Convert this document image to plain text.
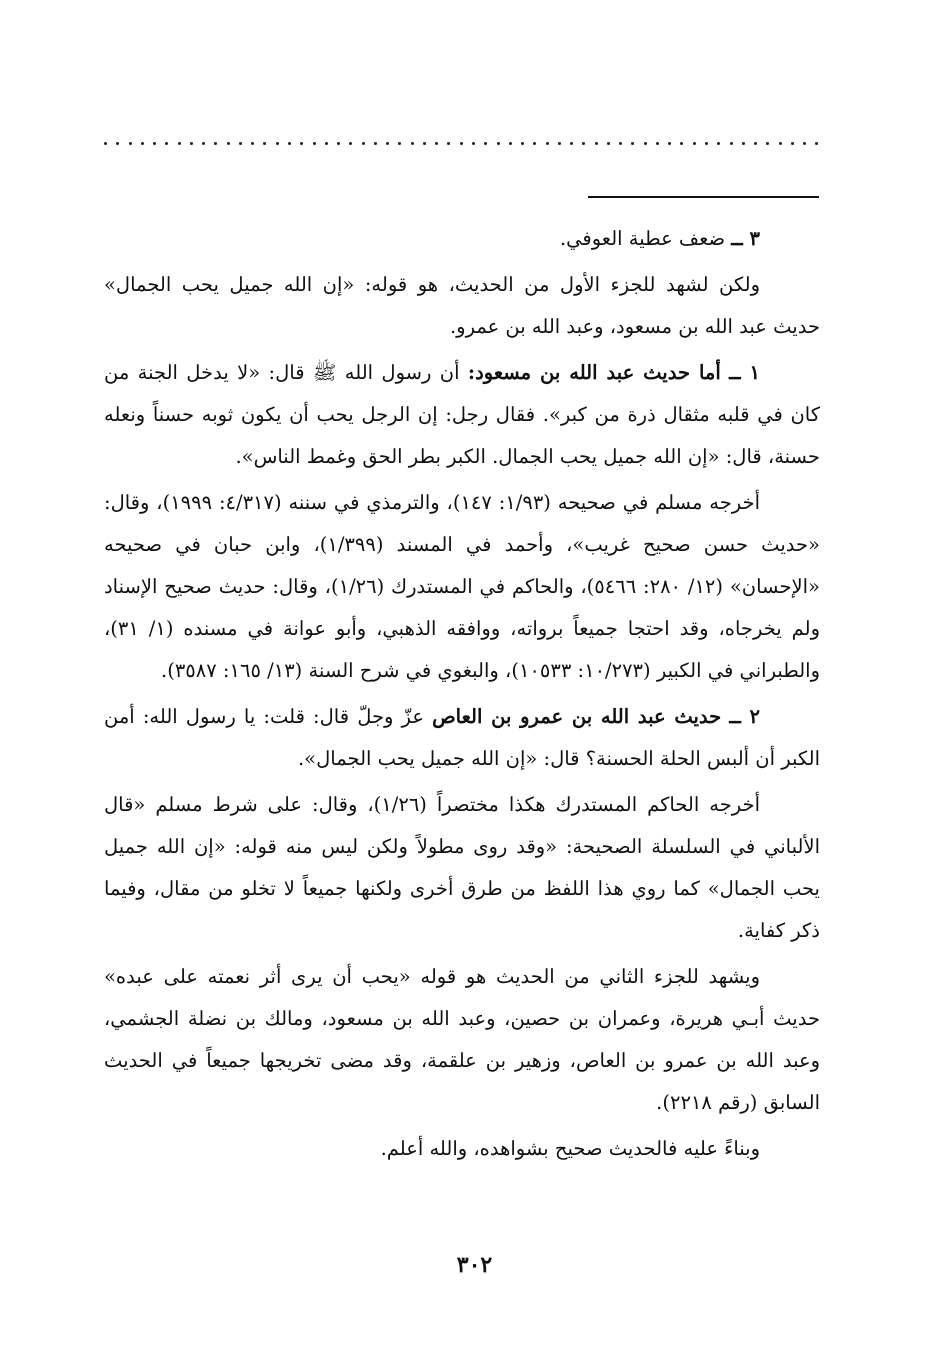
٣ ــ ضعف عطية العوفي.

ولكن لشهد للجزء الأول من الحديث، هو قوله: «إن الله جميل يحب الجمال» حديث عبد الله بن مسعود، وعبد الله بن عمرو.

١ ــ أما حديث عبد الله بن مسعود: أن رسول الله ﷺ قال: «لا يدخل الجنة من كان في قلبه مثقال ذرة من كبر». فقال رجل: إن الرجل يحب أن يكون ثوبه حسناً ونعله حسنة، قال: «إن الله جميل يحب الجمال. الكبر بطر الحق وغمط الناس».

أخرجه مسلم في صحيحه (١/٩٣: ١٤٧)، والترمذي في سننه (٤/٣١٧: ١٩٩٩)، وقال: «حديث حسن صحيح غريب»، وأحمد في المسند (١/٣٩٩)، وابن حبان في صحيحه «الإحسان» (١٢/ ٢٨٠: ٥٤٦٦)، والحاكم في المستدرك (١/٢٦)، وقال: حديث صحيح الإسناد ولم يخرجاه، وقد احتجا جميعاً برواته، ووافقه الذهبي، وأبو عوانة في مسنده (١/ ٣١)، والطبراني في الكبير (١٠/٢٧٣: ١٠٥٣٣)، والبغوي في شرح السنة (١٣/ ١٦٥: ٣٥٨٧).

٢ ــ حديث عبد الله بن عمرو بن العاص عزّ وجلّ قال: قلت: يا رسول الله: أمن الكبر أن ألبس الحلة الحسنة؟ قال: «إن الله جميل يحب الجمال».

أخرجه الحاكم المستدرك هكذا مختصراً (١/٢٦)، وقال: على شرط مسلم «قال الألباني في السلسلة الصحيحة: «وقد روى مطولاً ولكن ليس منه قوله: «إن الله جميل يحب الجمال» كما روي هذا اللفظ من طرق أخرى ولكنها جميعاً لا تخلو من مقال، وفيما ذكر كفاية.

ويشهد للجزء الثاني من الحديث هو قوله «يحب أن يرى أثر نعمته على عبده» حديث أبـي هريرة، وعمران بن حصين، وعبد الله بن مسعود، ومالك بن نضلة الجشمي، وعبد الله بن عمرو بن العاص، وزهير بن علقمة، وقد مضى تخريجها جميعاً في الحديث السابق (رقم ٢٢١٨).

وبناءً عليه فالحديث صحيح بشواهده، والله أعلم.

٣٠٢
